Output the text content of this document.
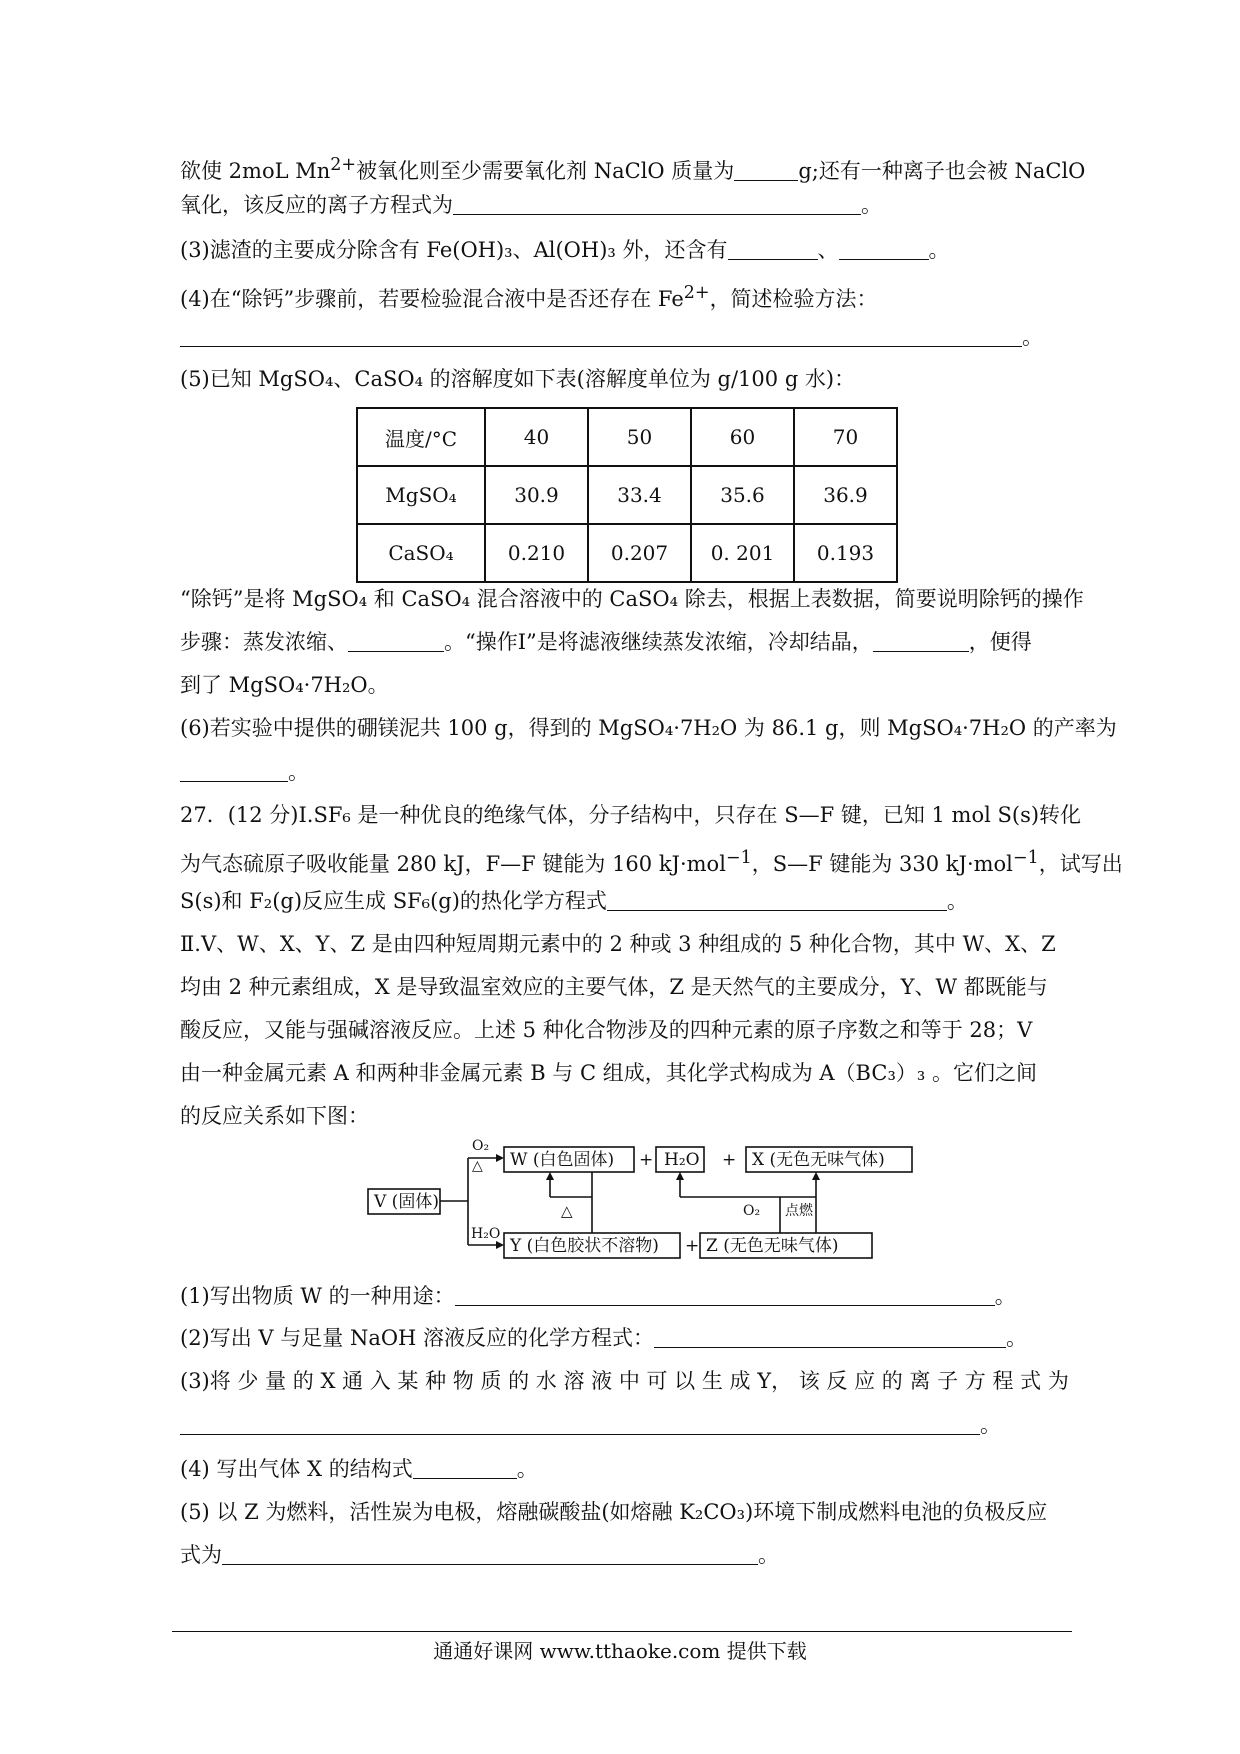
欲使 2moL $Mn^{2+}$被氧化则至少需要氧化剂 NaClO 质量为	g;还有一种离子也会被 NaClO
氧化，该反应的离子方程式为	。
(3)滤渣的主要成分除含有 Fe(OH)₃、Al(OH)₃ 外，还含有	、	。
(4)在“除钙”步骤前，若要检验混合液中是否还存在 $Fe^{2+}$，简述检验方法：
。
(5)已知 MgSO₄、CaSO₄ 的溶解度如下表(溶解度单位为 g/100 g 水)：
温度/°C	40	50	60	70
MgSO₄	30.9	33.4	35.6	36.9
CaSO₄	0.210	0.207	0. 201	0.193
“除钙”是将 MgSO₄ 和 CaSO₄ 混合溶液中的 CaSO₄ 除去，根据上表数据，简要说明除钙的操作
步骤：蒸发浓缩、	。“操作Ⅰ”是将滤液继续蒸发浓缩，冷却结晶，	，便得
到了 MgSO₄·7H₂O。
(6)若实验中提供的硼镁泥共 100 g，得到的 MgSO₄·7H₂O 为 86.1 g，则 MgSO₄·7H₂O 的产率为
。
27．(12 分)Ⅰ.SF₆ 是一种优良的绝缘气体，分子结构中，只存在 S—F 键，已知 1 mol S(s)转化
为气态硫原子吸收能量 280 kJ，F—F 键能为 160 kJ·mol$^{-1}$，S—F 键能为 330 kJ·mol$^{-1}$，试写出
S(s)和 F₂(g)反应生成 SF₆(g)的热化学方程式	。
Ⅱ.V、W、X、Y、Z 是由四种短周期元素中的 2 种或 3 种组成的 5 种化合物，其中 W、X、Z
均由 2 种元素组成，X 是导致温室效应的主要气体，Z 是天然气的主要成分，Y、W 都既能与
酸反应，又能与强碱溶液反应。上述 5 种化合物涉及的四种元素的原子序数之和等于 28；V
由一种金属元素 A 和两种非金属元素 B 与 C 组成，其化学式构成为 A（BC₃）₃ 。它们之间
的反应关系如下图：
V (固体)
W (白色固体)	H₂O	X (无色无味气体)
Y (白色胶状不溶物)	Z (无色无味气体)
+	+
+
O₂
△
H₂O
△	O₂ 点燃
(1)写出物质 W 的一种用途：	。
(2)写出 V 与足量 NaOH 溶液反应的化学方程式：	。
(3)将 少 量 的 X 通 入 某 种 物 质 的 水 溶 液 中 可 以 生 成 Y， 该 反 应 的 离 子 方 程 式 为
。
(4) 写出气体 X 的结构式	。
(5) 以 Z 为燃料，活性炭为电极，熔融碳酸盐(如熔融 K₂CO₃)环境下制成燃料电池的负极反应
式为	。
通通好课网 www.tthaoke.com 提供下载
